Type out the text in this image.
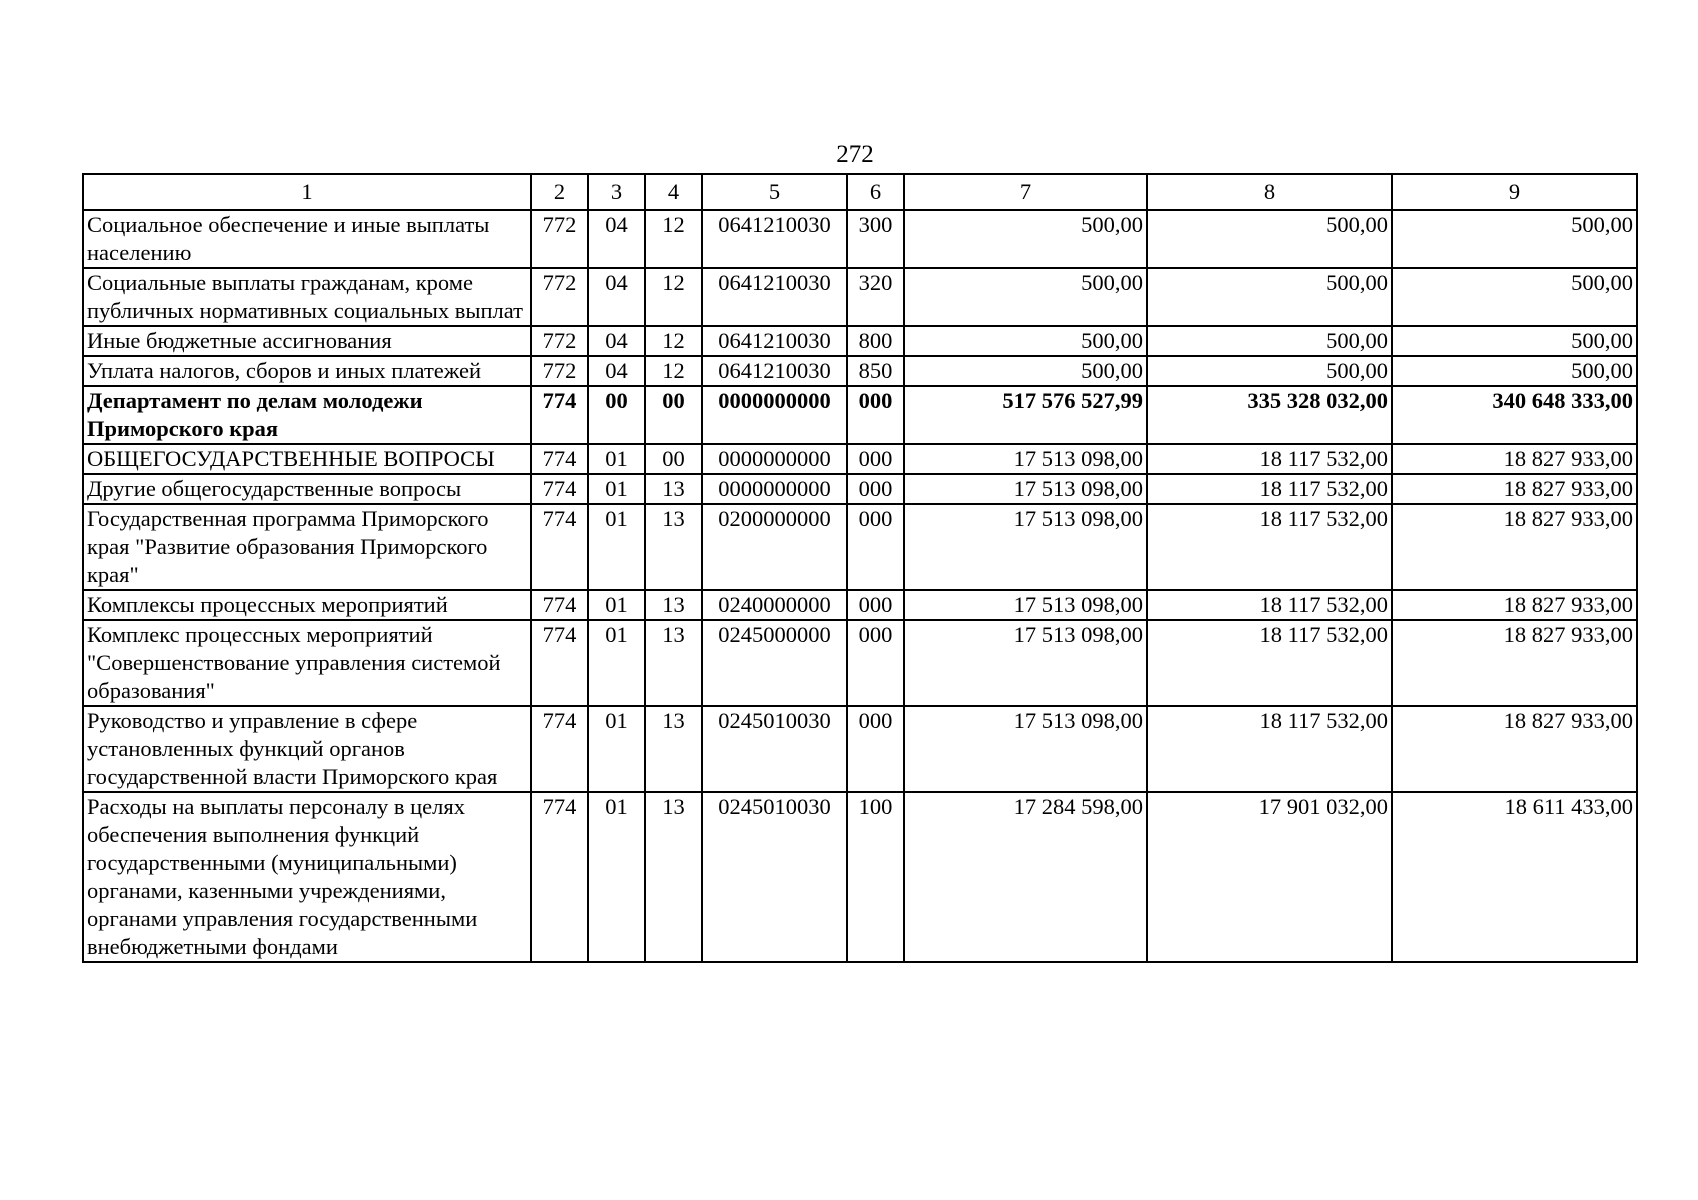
272
1	2	3	4	5	6	7	8	9
Социальное обеспечение и иные выплаты населению	772	04	12	0641210030	300	500,00	500,00	500,00
Социальные выплаты гражданам, кроме публичных нормативных социальных выплат	772	04	12	0641210030	320	500,00	500,00	500,00
Иные бюджетные ассигнования	772	04	12	0641210030	800	500,00	500,00	500,00
Уплата налогов, сборов и иных платежей	772	04	12	0641210030	850	500,00	500,00	500,00
Департамент по делам молодежи Приморского края	774	00	00	0000000000	000	517 576 527,99	335 328 032,00	340 648 333,00
ОБЩЕГОСУДАРСТВЕННЫЕ ВОПРОСЫ	774	01	00	0000000000	000	17 513 098,00	18 117 532,00	18 827 933,00
Другие общегосударственные вопросы	774	01	13	0000000000	000	17 513 098,00	18 117 532,00	18 827 933,00
Государственная программа Приморского края "Развитие образования Приморского края"	774	01	13	0200000000	000	17 513 098,00	18 117 532,00	18 827 933,00
Комплексы процессных мероприятий	774	01	13	0240000000	000	17 513 098,00	18 117 532,00	18 827 933,00
Комплекс процессных мероприятий "Совершенствование управления системой образования"	774	01	13	0245000000	000	17 513 098,00	18 117 532,00	18 827 933,00
Руководство и управление в сфере установленных функций органов государственной власти Приморского края	774	01	13	0245010030	000	17 513 098,00	18 117 532,00	18 827 933,00
Расходы на выплаты персоналу в целях обеспечения выполнения функций государственными (муниципальными) органами, казенными учреждениями, органами управления государственными внебюджетными фондами	774	01	13	0245010030	100	17 284 598,00	17 901 032,00	18 611 433,00
